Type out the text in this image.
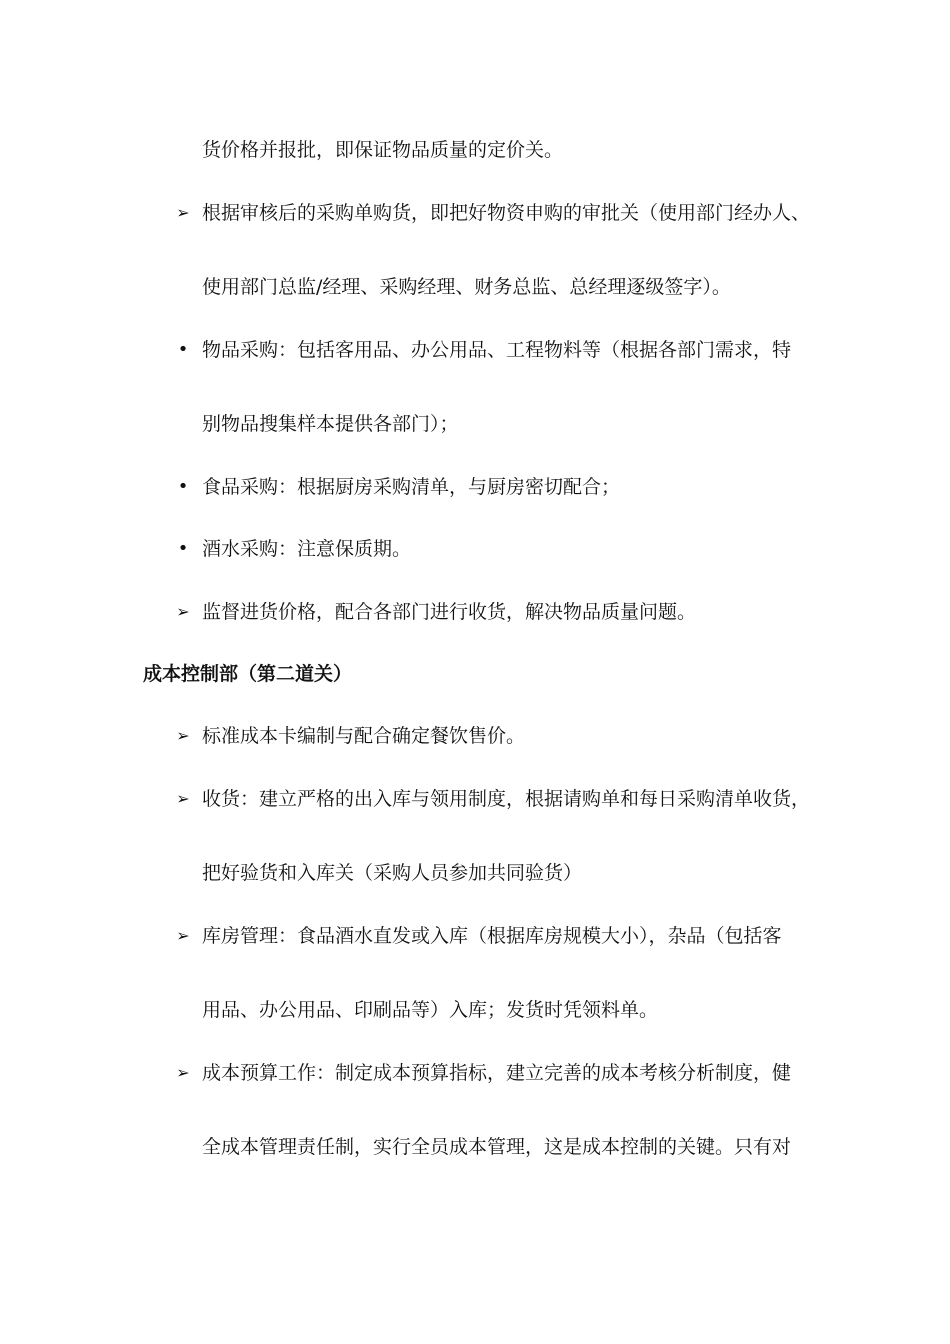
货价格并报批，即保证物品质量的定价关。
➢ 根据审核后的采购单购货，即把好物资申购的审批关（使用部门经办人、
使用部门总监/经理、采购经理、财务总监、总经理逐级签字）。
• 物品采购：包括客用品、办公用品、工程物料等（根据各部门需求，特
别物品搜集样本提供各部门）；
• 食品采购：根据厨房采购清单，与厨房密切配合；
• 酒水采购：注意保质期。
➢ 监督进货价格，配合各部门进行收货，解决物品质量问题。
成本控制部（第二道关）
➢ 标准成本卡编制与配合确定餐饮售价。
➢ 收货：建立严格的出入库与领用制度，根据请购单和每日采购清单收货，
把好验货和入库关（采购人员参加共同验货）
➢ 库房管理：食品酒水直发或入库（根据库房规模大小），杂品（包括客
用品、办公用品、印刷品等）入库；发货时凭领料单。
➢ 成本预算工作：制定成本预算指标，建立完善的成本考核分析制度，健
全成本管理责任制，实行全员成本管理，这是成本控制的关键。只有对
